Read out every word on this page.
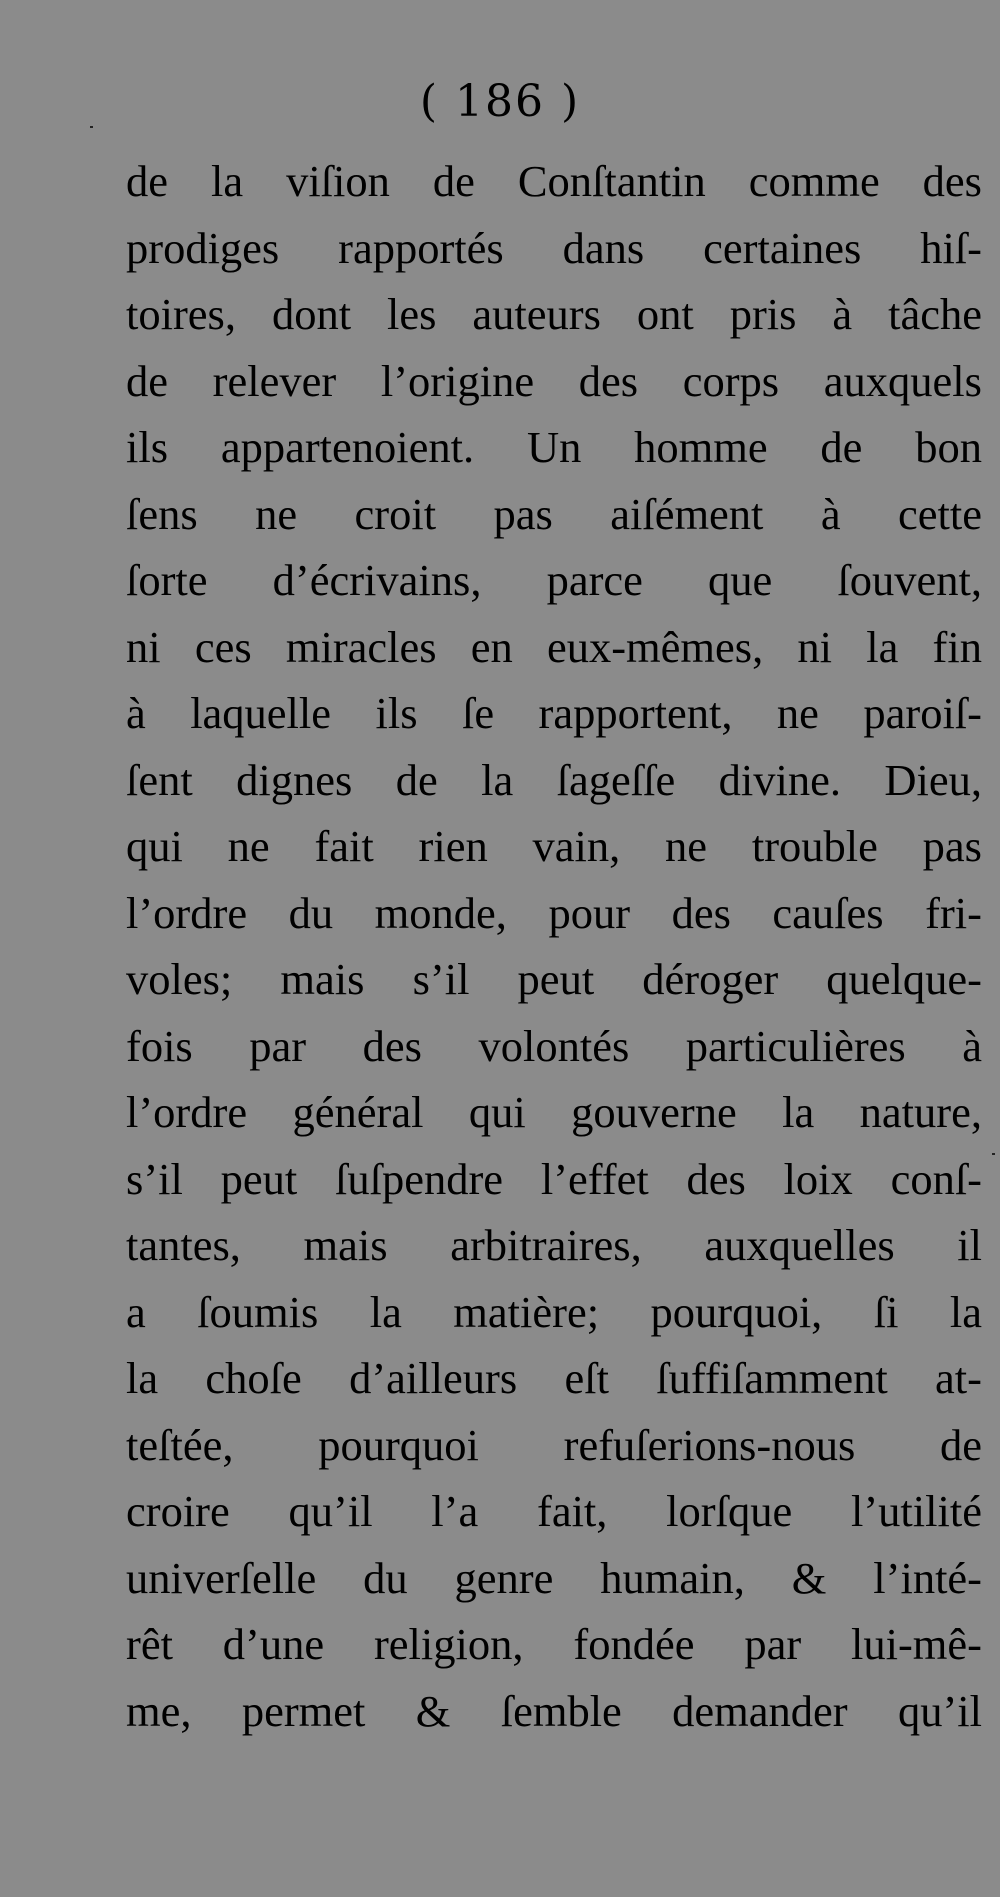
( 186 )
de la viſion de Conſtantin comme des
prodiges rapportés dans certaines hiſ-
toires, dont les auteurs ont pris à tâche
de relever l’origine des corps auxquels
ils appartenoient. Un homme de bon
ſens ne croit pas aiſément à cette
ſorte d’écrivains, parce que ſouvent,
ni ces miracles en eux-mêmes, ni la fin
à laquelle ils ſe rapportent, ne paroiſ-
ſent dignes de la ſageſſe divine. Dieu,
qui ne fait rien vain, ne trouble pas
l’ordre du monde, pour des cauſes fri-
voles; mais s’il peut déroger quelque-
fois par des volontés particulières à
l’ordre général qui gouverne la nature,
s’il peut ſuſpendre l’effet des loix conſ-
tantes, mais arbitraires, auxquelles il
a ſoumis la matière; pourquoi, ſi la
la choſe d’ailleurs eſt ſuffiſamment at-
teſtée, pourquoi refuſerions-nous de
croire qu’il l’a fait, lorſque l’utilité
univerſelle du genre humain, & l’inté-
rêt d’une religion, fondée par lui-mê-
me, permet & ſemble demander qu’il
